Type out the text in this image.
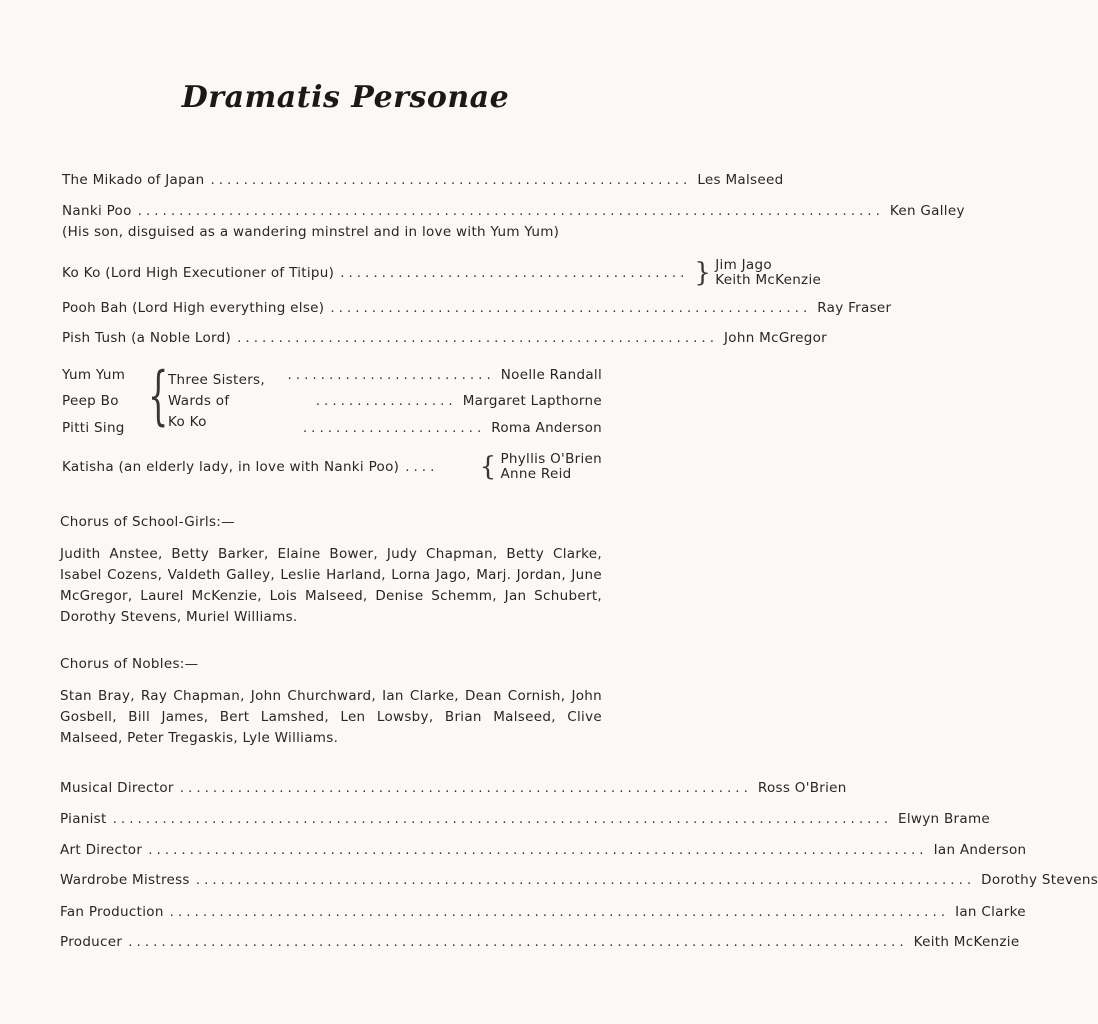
Dramatis Personae
The Mikado of Japan .......................................................... Les Malseed
Nanki Poo .......................................................................................... Ken Galley
(His son, disguised as a wandering minstrel and in love with Yum Yum)
Ko Ko (Lord High Executioner of Titipu) .......................................... } Jim Jago
Keith McKenzie
Pooh Bah (Lord High everything else) .......................................................... Ray Fraser
Pish Tush (a Noble Lord) .......................................................... John McGregor
Yum Yum
Peep Bo
Pitti Sing { Three Sisters,
Wards of
Ko Ko
......................... Noelle Randall
................. Margaret Lapthorne
...................... Roma Anderson
Katisha (an elderly lady, in love with Nanki Poo) .... { Phyllis O'Brien
Anne Reid
Chorus of School-Girls:—
Judith Anstee, Betty Barker, Elaine Bower, Judy Chapman, Betty Clarke, Isabel Cozens, Valdeth Galley, Leslie Harland, Lorna Jago, Marj. Jordan, June McGregor, Laurel McKenzie, Lois Malseed, Denise Schemm, Jan Schubert, Dorothy Stevens, Muriel Williams.
Chorus of Nobles:—
Stan Bray, Ray Chapman, John Churchward, Ian Clarke, Dean Cornish, John Gosbell, Bill James, Bert Lamshed, Len Lowsby, Brian Malseed, Clive Malseed, Peter Tregaskis, Lyle Williams.
Musical Director ..................................................................... Ross O'Brien
Pianist .............................................................................................. Elwyn Brame
Art Director .............................................................................................. Ian Anderson
Wardrobe Mistress .............................................................................................. Dorothy Stevens
Fan Production .............................................................................................. Ian Clarke
Producer .............................................................................................. Keith McKenzie
